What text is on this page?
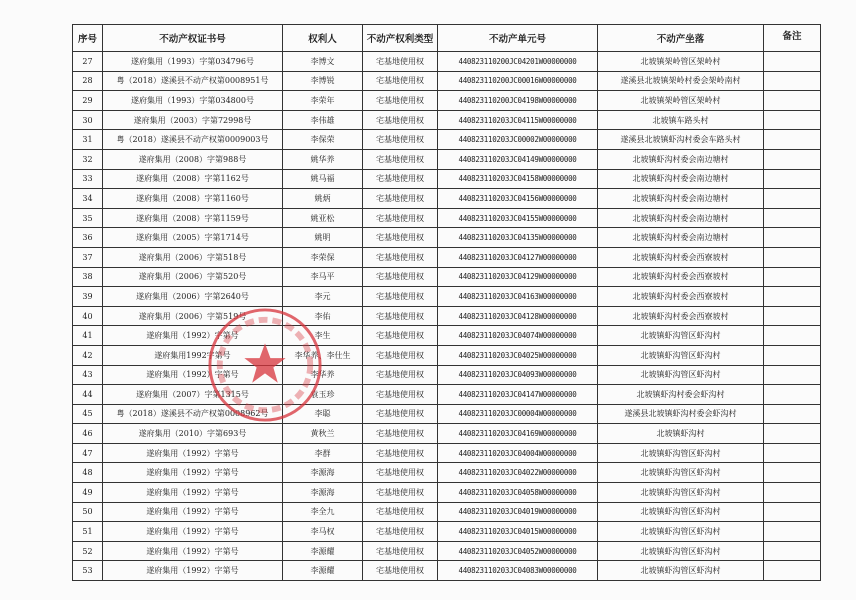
序号	不动产权证书号	权利人	不动产权利类型	不动产单元号	不动产坐落	备注
27	遂府集用（1993）字第034796号	李博文	宅基地使用权	440823110200JC04201W00000000	北坡镇架岭管区架岭村	
28	粤（2018）遂溪县不动产权第0008951号	李博锐	宅基地使用权	440823110200JC00016W00000000	遂溪县北坡镇架岭村委会架岭南村	
29	遂府集用（1993）字第034800号	李荣年	宅基地使用权	440823110200JC04198W00000000	北坡镇架岭管区架岭村	
30	遂府集用（2003）字第72998号	李伟雄	宅基地使用权	440823110203JC04115W00000000	北坡镇车路头村	
31	粤（2018）遂溪县不动产权第0009003号	李保荣	宅基地使用权	440823110203JC00002W00000000	遂溪县北坡镇虾沟村委会车路头村	
32	遂府集用（2008）字第988号	姚华养	宅基地使用权	440823110203JC04149W00000000	北坡镇虾沟村委会南边塘村	
33	遂府集用（2008）字第1162号	姚马福	宅基地使用权	440823110203JC04158W00000000	北坡镇虾沟村委会南边塘村	
34	遂府集用（2008）字第1160号	姚炳	宅基地使用权	440823110203JC04156W00000000	北坡镇虾沟村委会南边塘村	
35	遂府集用（2008）字第1159号	姚亚松	宅基地使用权	440823110203JC04155W00000000	北坡镇虾沟村委会南边塘村	
36	遂府集用（2005）字第1714号	姚明	宅基地使用权	440823110203JC04135W00000000	北坡镇虾沟村委会南边塘村	
37	遂府集用（2006）字第518号	李荣保	宅基地使用权	440823110203JC04127W00000000	北坡镇虾沟村委会西寮坡村	
38	遂府集用（2006）字第520号	李马平	宅基地使用权	440823110203JC04129W00000000	北坡镇虾沟村委会西寮坡村	
39	遂府集用（2006）字第2640号	李元	宅基地使用权	440823110203JC04163W00000000	北坡镇虾沟村委会西寮坡村	
40	遂府集用（2006）字第519号	李佑	宅基地使用权	440823110203JC04128W00000000	北坡镇虾沟村委会西寮坡村	
41	遂府集用（1992）字第号	李生	宅基地使用权	440823110203JC04074W00000000	北坡镇虾沟管区虾沟村	
42	遂府集用1992字第号	李华养、李仕生	宅基地使用权	440823110203JC04025W00000000	北坡镇虾沟管区虾沟村	
43	遂府集用（1992）字第号	李华养	宅基地使用权	440823110203JC04093W00000000	北坡镇虾沟管区虾沟村	
44	遂府集用（2007）字第1315号	袁玉珍	宅基地使用权	440823110203JC04147W00000000	北坡镇虾沟村委会虾沟村	
45	粤（2018）遂溪县不动产权第0008962号	李聪	宅基地使用权	440823110203JC00004W00000000	遂溪县北坡镇虾沟村委会虾沟村	
46	遂府集用（2010）字第693号	黄秋兰	宅基地使用权	440823110203JC04169W00000000	北坡镇虾沟村	
47	遂府集用（1992）字第号	李群	宅基地使用权	440823110203JC04004W00000000	北坡镇虾沟管区虾沟村	
48	遂府集用（1992）字第号	李源海	宅基地使用权	440823110203JC04022W00000000	北坡镇虾沟管区虾沟村	
49	遂府集用（1992）字第号	李源海	宅基地使用权	440823110203JC04058W00000000	北坡镇虾沟管区虾沟村	
50	遂府集用（1992）字第号	李全九	宅基地使用权	440823110203JC04019W00000000	北坡镇虾沟管区虾沟村	
51	遂府集用（1992）字第号	李马权	宅基地使用权	440823110203JC04015W00000000	北坡镇虾沟管区虾沟村	
52	遂府集用（1992）字第号	李源耀	宅基地使用权	440823110203JC04052W00000000	北坡镇虾沟管区虾沟村	
53	遂府集用（1992）字第号	李源耀	宅基地使用权	440823110203JC04083W00000000	北坡镇虾沟管区虾沟村	
